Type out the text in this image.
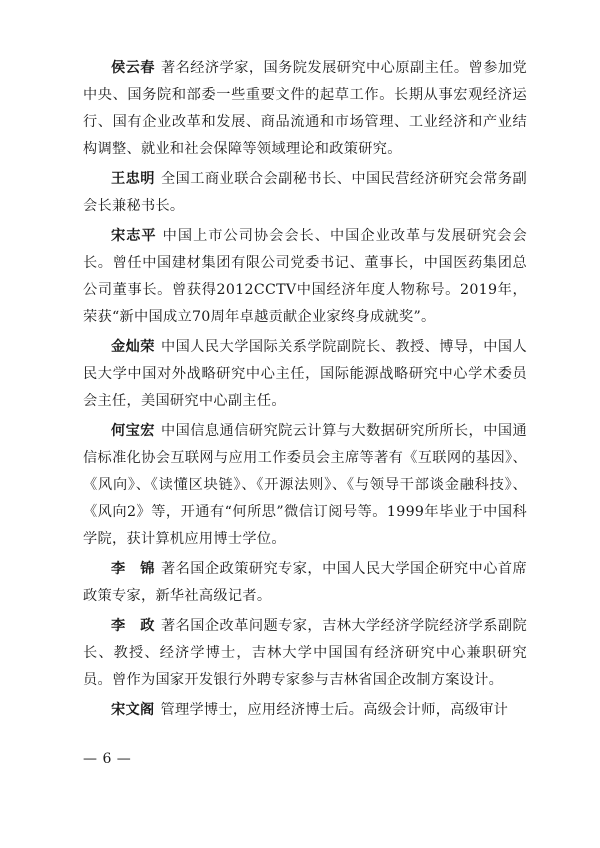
侯云春 著名经济学家，国务院发展研究中心原副主任。曾参加党中央、国务院和部委一些重要文件的起草工作。长期从事宏观经济运行、国有企业改革和发展、商品流通和市场管理、工业经济和产业结构调整、就业和社会保障等领域理论和政策研究。

王忠明 全国工商业联合会副秘书长、中国民营经济研究会常务副会长兼秘书长。

宋志平 中国上市公司协会会长、中国企业改革与发展研究会会长。曾任中国建材集团有限公司党委书记、董事长，中国医药集团总公司董事长。曾获得2012CCTV中国经济年度人物称号。2019年，荣获“新中国成立70周年卓越贡献企业家终身成就奖”。

金灿荣 中国人民大学国际关系学院副院长、教授、博导，中国人民大学中国对外战略研究中心主任，国际能源战略研究中心学术委员会主任，美国研究中心副主任。

何宝宏 中国信息通信研究院云计算与大数据研究所所长，中国通信标准化协会互联网与应用工作委员会主席等著有《互联网的基因》、《风向》、《读懂区块链》、《开源法则》、《与领导干部谈金融科技》、《风向2》等，开通有“何所思”微信订阅号等。1999年毕业于中国科学院，获计算机应用博士学位。

李　锦 著名国企政策研究专家，中国人民大学国企研究中心首席政策专家，新华社高级记者。

李　政 著名国企改革问题专家，吉林大学经济学院经济学系副院长、教授、经济学博士，吉林大学中国国有经济研究中心兼职研究员。曾作为国家开发银行外聘专家参与吉林省国企改制方案设计。

宋文阁 管理学博士，应用经济博士后。高级会计师，高级审计

— 6 —
